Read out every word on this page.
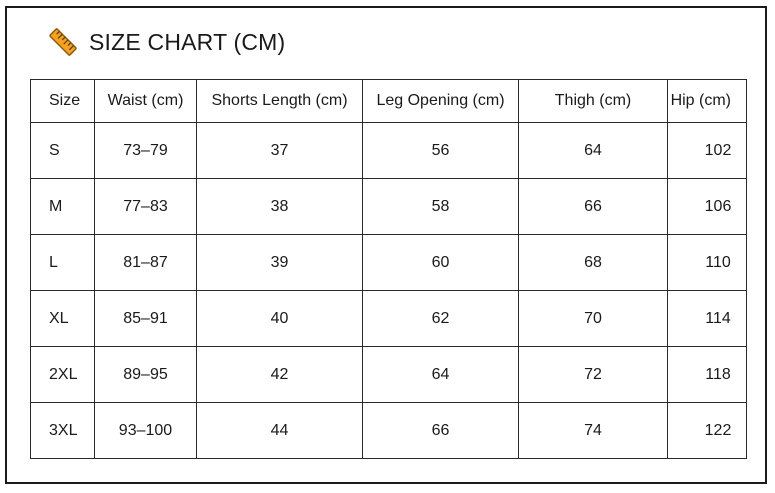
SIZE CHART (CM)
Size	Waist (cm)	Shorts Length (cm)	Leg Opening (cm)	Thigh (cm)	Hip (cm)
S	73–79	37	56	64	102
M	77–83	38	58	66	106
L	81–87	39	60	68	110
XL	85–91	40	62	70	114
2XL	89–95	42	64	72	118
3XL	93–100	44	66	74	122
